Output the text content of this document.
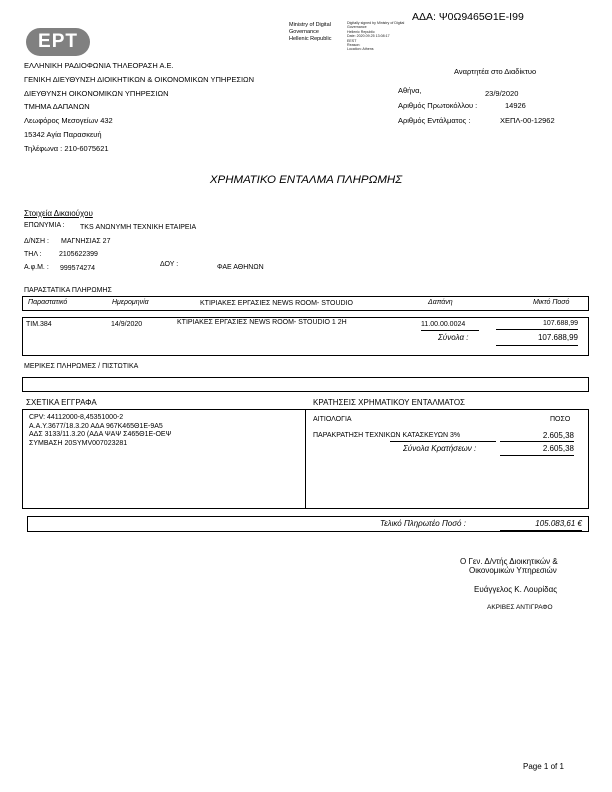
ΑΔΑ: Ψ0Ω9465Θ1Ε-Ι99
ΕΡΤ
Ministry of Digital
Governance
Hellenic Republic
Digitally signed by Ministry of Digital
Governance
Hellenic Republic
Date: 2020.09.25 13:08:17
EEST
Reason:
Location: Athens
ΕΛΛΗΝΙΚΗ ΡΑΔΙΟΦΩΝΙΑ ΤΗΛΕΟΡΑΣΗ Α.Ε.
ΓΕΝΙΚΗ ΔΙΕΥΘΥΝΣΗ ΔΙΟΙΚΗΤΙΚΩΝ & ΟΙΚΟΝΟΜΙΚΩΝ ΥΠΗΡΕΣΙΩΝ
ΔΙΕΥΘΥΝΣΗ ΟΙΚΟΝΟΜΙΚΩΝ ΥΠΗΡΕΣΙΩΝ
ΤΜΗΜΑ ΔΑΠΑΝΩΝ
Λεωφόρος Μεσογείων 432
15342 Αγία Παρασκευή
Τηλέφωνα : 210-6075621
Αναρτητέα στο Διαδίκτυο
Αθήνα,	23/9/2020
Αριθμός Πρωτοκόλλου :	14926
Αριθμός Εντάλματος :	ΧΕΠΛ-00-12962
ΧΡΗΜΑΤΙΚΟ ΕΝΤΑΛΜΑ ΠΛΗΡΩΜΗΣ
Στοιχεία Δικαιούχου
ΕΠΩΝΥΜΙΑ : TKS ΑΝΩΝΥΜΗ ΤΕΧΝΙΚΗ ΕΤΑΙΡΕΙΑ
Δ/ΝΣΗ : ΜΑΓΝΗΣΙΑΣ 27
ΤΗΛ : 2105622399
Α.φ.Μ. : 999574274
ΔΟΥ :	ΦΑΕ ΑΘΗΝΩΝ
ΠΑΡΑΣΤΑΤΙΚΑ ΠΛΗΡΩΜΗΣ
Παραστατικό	Ημερομηνία	ΚΤΙΡΙΑΚΕΣ ΕΡΓΑΣΙΕΣ NEWS ROOM- STOUDIO	Δαπάνη	Μικτό Ποσό
ΤΙΜ.384	14/9/2020	ΚΤΙΡΙΑΚΕΣ ΕΡΓΑΣΙΕΣ NEWS ROOM- STOUDIO 1 2Η	11.00.00.0024	107.688,99
Σύνολα :	107.688,99
ΜΕΡΙΚΕΣ ΠΛΗΡΩΜΕΣ / ΠΙΣΤΩΤΙΚΑ
ΣΧΕΤΙΚΑ ΕΓΓΡΑΦΑ	ΚΡΑΤΗΣΕΙΣ ΧΡΗΜΑΤΙΚΟΥ ΕΝΤΑΛΜΑΤΟΣ
CPV: 44112000-8,45351000-2
Α.Α.Υ.3677/18.3.20 ΑΔΑ 967Κ465Θ1Ε-9Α5
ΑΔΣ 3133/11.3.20 (ΑΔΑ ΨΑΨ Σ465Θ1Ε-ΟΕΨ
ΣΥΜΒΑΣΗ 20SYMV007023281
ΑΙΤΙΟΛΟΓΙΑ	ΠΟΣΟ
ΠΑΡΑΚΡΑΤΗΣΗ ΤΕΧΝΙΚΩΝ ΚΑΤΑΣΚΕΥΩΝ 3%	2.605,38
Σύνολα Κρατήσεων :	2.605,38
Τελικό Πληρωτέο Ποσό :	105.083,61 €
Ο Γεν. Δ/ντής Διοικητικών &
Οικονομικών Υπηρεσιών
Ευάγγελος Κ. Λουρίδας
ΑΚΡΙΒΕΣ ΑΝΤΙΓΡΑΦΟ
Page 1 of 1
